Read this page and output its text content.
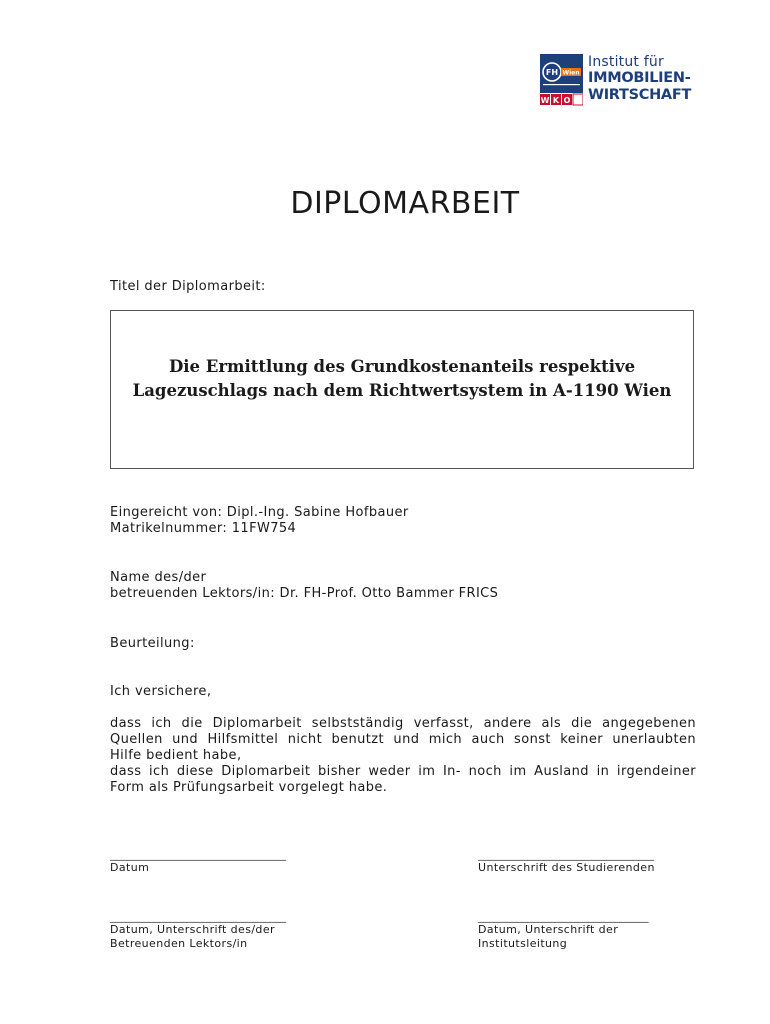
FH Wien
W K O
Institut für
IMMOBILIEN-
WIRTSCHAFT
DIPLOMARBEIT
Titel der Diplomarbeit:
Die Ermittlung des Grundkostenanteils respektive
Lagezuschlags nach dem Richtwertsystem in A-1190 Wien
Eingereicht von: Dipl.-Ing. Sabine Hofbauer
Matrikelnummer: 11FW754
Name des/der
betreuenden Lektors/in: Dr. FH-Prof. Otto Bammer FRICS
Beurteilung:
Ich versichere,
dass ich die Diplomarbeit selbstständig verfasst, andere als die angegebenen
Quellen und Hilfsmittel nicht benutzt und mich auch sonst keiner unerlaubten
Hilfe bedient habe,
dass ich diese Diplomarbeit bisher weder im In- noch im Ausland in irgendeiner
Form als Prüfungsarbeit vorgelegt habe.
________________________________
Datum
________________________________
Unterschrift des Studierenden
________________________________
Datum, Unterschrift des/der
Betreuenden Lektors/in
_______________________________
Datum, Unterschrift der
Institutsleitung
